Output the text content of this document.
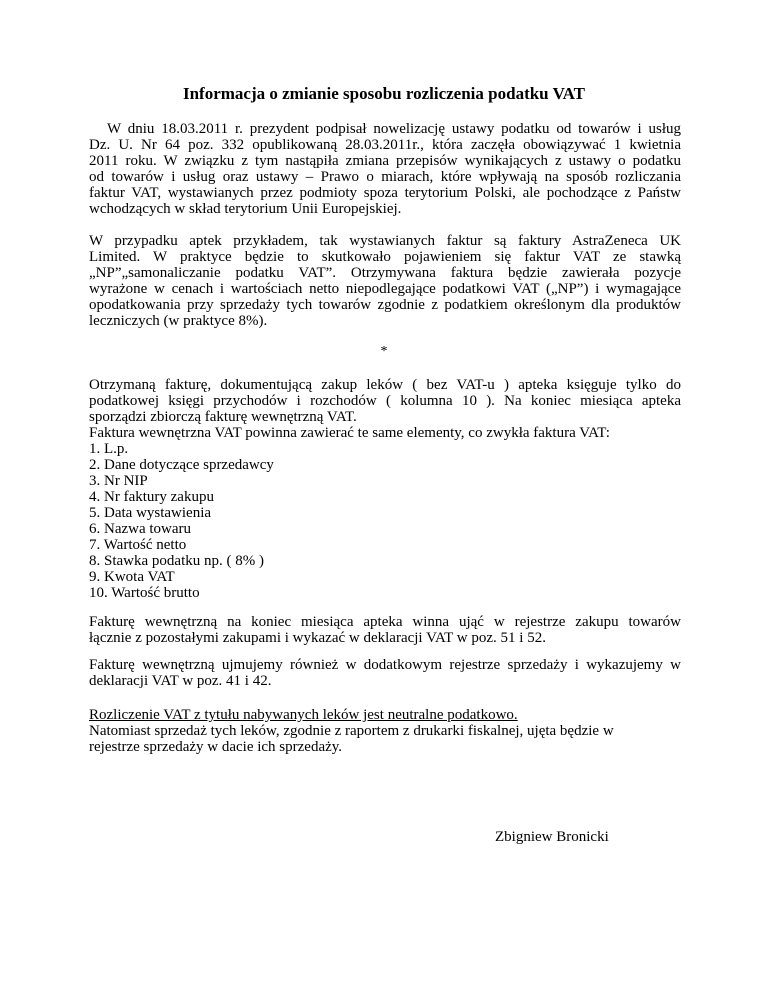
Informacja o zmianie sposobu rozliczenia podatku VAT

W dniu 18.03.2011 r. prezydent podpisał nowelizację ustawy podatku od towarów i usług
Dz. U. Nr 64 poz. 332 opublikowaną 28.03.2011r., która zaczęła obowiązywać 1 kwietnia
2011 roku. W związku z tym nastąpiła zmiana przepisów wynikających z ustawy o podatku
od towarów i usług oraz ustawy – Prawo o miarach, które wpływają na sposób rozliczania
faktur VAT, wystawianych przez podmioty spoza terytorium Polski, ale pochodzące z Państw
wchodzących w skład terytorium Unii Europejskiej.

W przypadku aptek przykładem, tak wystawianych faktur są faktury AstraZeneca UK
Limited. W praktyce będzie to skutkowało pojawieniem się faktur VAT ze stawką
„NP”„samonaliczanie podatku VAT”. Otrzymywana faktura będzie zawierała pozycje
wyrażone w cenach i wartościach netto niepodlegające podatkowi VAT („NP”) i wymagające
opodatkowania przy sprzedaży tych towarów zgodnie z podatkiem określonym dla produktów
leczniczych (w praktyce 8%).

*

Otrzymaną fakturę, dokumentującą zakup leków ( bez VAT-u ) apteka księguje tylko do
podatkowej księgi przychodów i rozchodów ( kolumna 10 ). Na koniec miesiąca apteka
sporządzi zbiorczą fakturę wewnętrzną VAT.
Faktura wewnętrzna VAT powinna zawierać te same elementy, co zwykła faktura VAT:

1. L.p.
2. Dane dotyczące sprzedawcy
3. Nr NIP
4. Nr faktury zakupu
5. Data wystawienia
6. Nazwa towaru
7. Wartość netto
8. Stawka podatku np. ( 8% )
9. Kwota VAT
10. Wartość brutto

Fakturę wewnętrzną na koniec miesiąca apteka winna ująć w rejestrze zakupu towarów
łącznie z pozostałymi zakupami i wykazać w deklaracji VAT w poz. 51 i 52.

Fakturę wewnętrzną ujmujemy również w dodatkowym rejestrze sprzedaży i wykazujemy w
deklaracji VAT w poz. 41 i 42.

Rozliczenie VAT z tytułu nabywanych leków jest neutralne podatkowo.
Natomiast sprzedaż tych leków, zgodnie z raportem z drukarki fiskalnej, ujęta będzie w
rejestrze sprzedaży w dacie ich sprzedaży.

Zbigniew Bronicki
